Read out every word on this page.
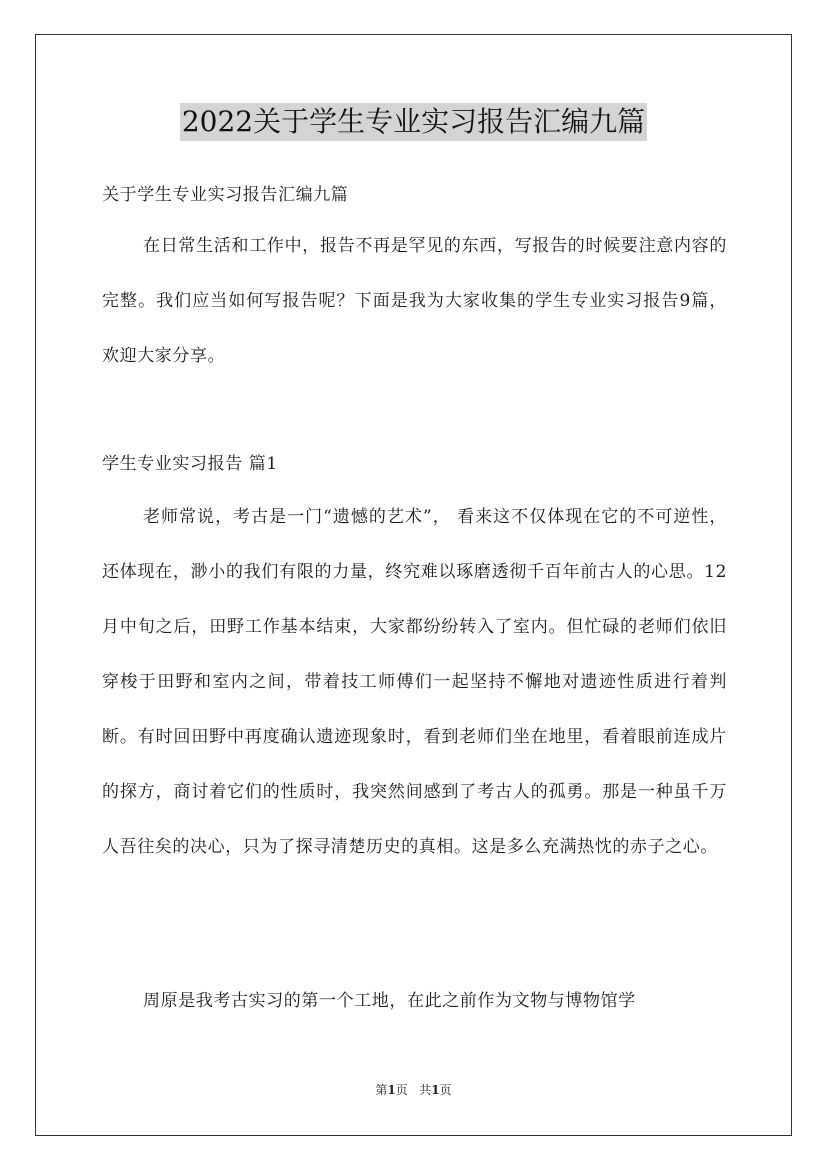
2022关于学生专业实习报告汇编九篇
关于学生专业实习报告汇编九篇

在日常生活和工作中，报告不再是罕见的东西，写报告的时候要注意内容的完整。我们应当如何写报告呢？下面是我为大家收集的学生专业实习报告9篇，欢迎大家分享。

学生专业实习报告 篇1

老师常说，考古是一门“遗憾的艺术”， 看来这不仅体现在它的不可逆性，还体现在，渺小的我们有限的力量，终究难以琢磨透彻千百年前古人的心思。12 月中旬之后，田野工作基本结束，大家都纷纷转入了室内。但忙碌的老师们依旧穿梭于田野和室内之间，带着技工师傅们一起坚持不懈地对遗迹性质进行着判断。有时回田野中再度确认遗迹现象时，看到老师们坐在地里，看着眼前连成片的探方，商讨着它们的性质时，我突然间感到了考古人的孤勇。那是一种虽千万人吾往矣的决心，只为了探寻清楚历史的真相。这是多么充满热忱的赤子之心。

周原是我考古实习的第一个工地，在此之前作为文物与博物馆学

第1页 共1页
